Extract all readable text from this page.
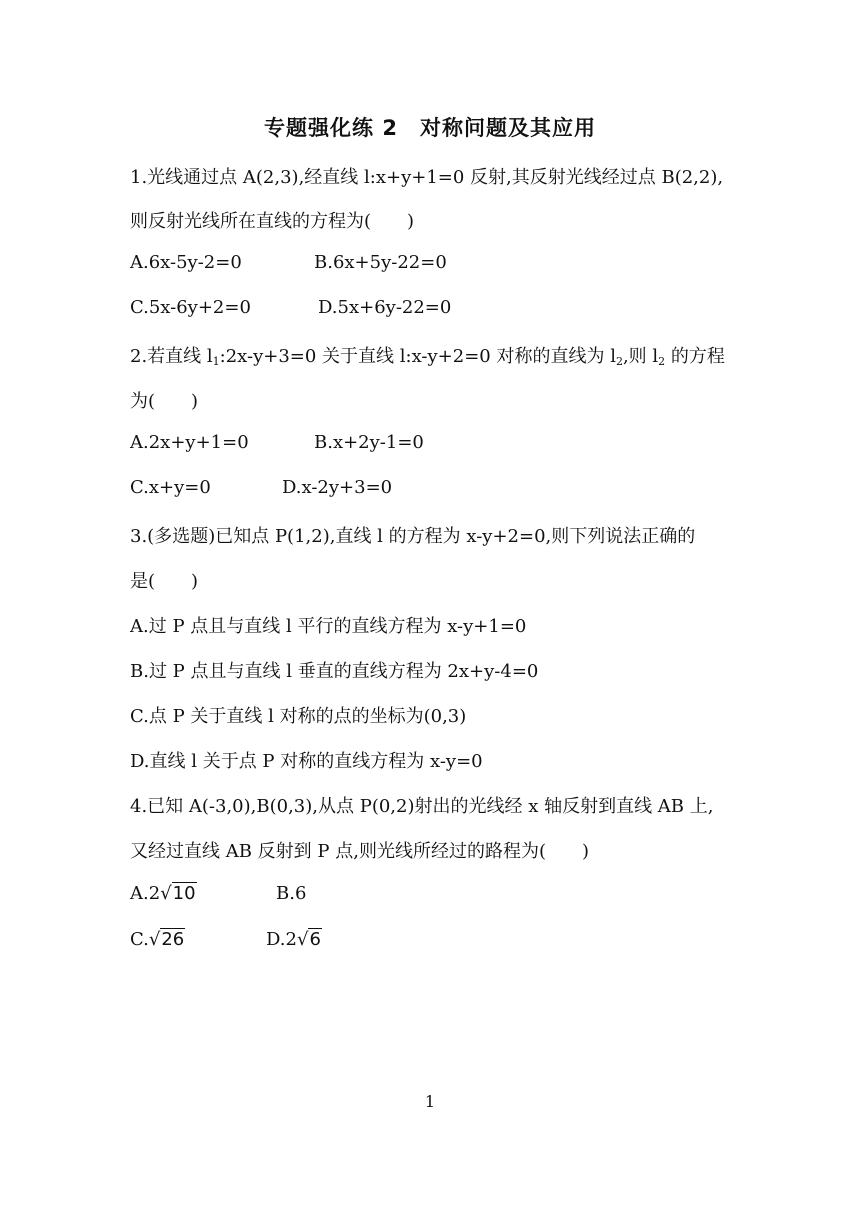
专题强化练 2　对称问题及其应用
1.光线通过点 A(2,3),经直线 l:x+y+1=0 反射,其反射光线经过点 B(2,2),
则反射光线所在直线的方程为(　　)
A.6x-5y-2=0	B.6x+5y-22=0
C.5x-6y+2=0	D.5x+6y-22=0
2.若直线 $l_1:2x-y+3=0$ 关于直线 l:x-y+2=0 对称的直线为 $l_2$,则 $l_2$ 的方程
为(　　)
A.2x+y+1=0	B.x+2y-1=0
C.x+y=0	D.x-2y+3=0
3.(多选题)已知点 P(1,2),直线 l 的方程为 x-y+2=0,则下列说法正确的
是(　　)
A.过 P 点且与直线 l 平行的直线方程为 x-y+1=0
B.过 P 点且与直线 l 垂直的直线方程为 2x+y-4=0
C.点 P 关于直线 l 对称的点的坐标为(0,3)
D.直线 l 关于点 P 对称的直线方程为 x-y=0
4.已知 A(-3,0),B(0,3),从点 P(0,2)射出的光线经 x 轴反射到直线 AB 上,
又经过直线 AB 反射到 P 点,则光线所经过的路程为(　　)
A.2√10	B.6
C.√26	D.2√6
1
